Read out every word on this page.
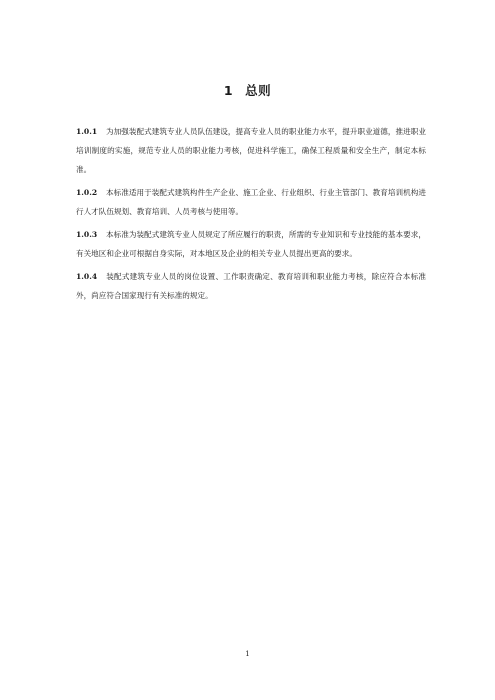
1 总则

1.0.1 为加强装配式建筑专业人员队伍建设，提高专业人员的职业能力水平，提升职业道德，推进职业培训制度的实施，规范专业人员的职业能力考核，促进科学施工，确保工程质量和安全生产，制定本标准。

1.0.2 本标准适用于装配式建筑构件生产企业、施工企业、行业组织、行业主管部门、教育培训机构进行人才队伍规划、教育培训、人员考核与使用等。

1.0.3 本标准为装配式建筑专业人员规定了所应履行的职责，所需的专业知识和专业技能的基本要求，有关地区和企业可根据自身实际，对本地区及企业的相关专业人员提出更高的要求。

1.0.4 装配式建筑专业人员的岗位设置、工作职责确定、教育培训和职业能力考核，除应符合本标准外，尚应符合国家现行有关标准的规定。

1
